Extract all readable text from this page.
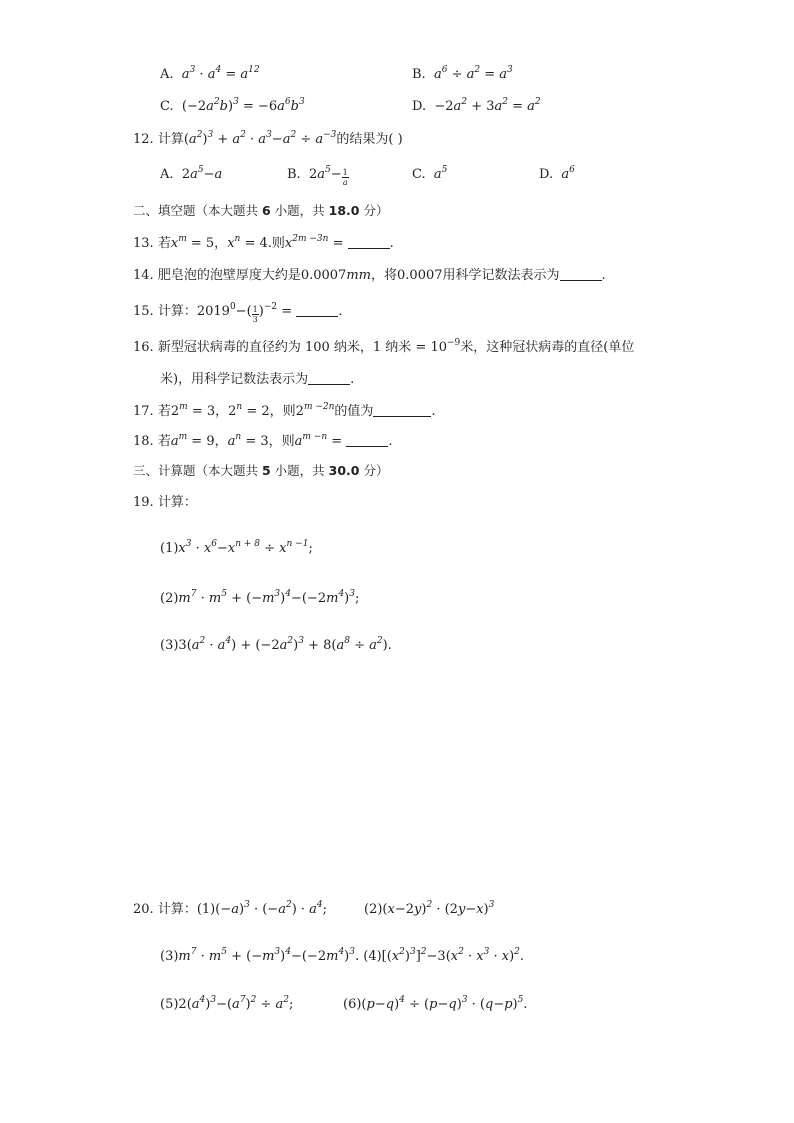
A.  $a^3 \cdot a^4 = a^{12}$	B.  $a^6 \div a^2 = a^3$
C. $(-2a^2b)^3 = -6a^6b^3$	D. $-2a^2 + 3a^2 = a^2$
12. 计算$(a^2)^3 + a^2 \cdot a^3-a^2 \div a^{-3}$的结果为( )
A. $2a^5-a$	B. $2a^5- \frac{1}{a}$	C.  $a^5$	D.  $a^6$
二、填空题（本大题共 6 小题，共 18.0 分）
13. 若$x^m = 5$，$x^n = 4$.则$x^{2m -3n}$ =	.
14. 肥皂泡的泡壁厚度大约是0.0007mm，将0.0007用科学记数法表示为	.
15. 计算：$2019^0-( \frac{1}{3} )^{-2}$ =	.
16. 新型冠状病毒的直径约为 100 纳米，1 纳米 = $10^{-9}$米，这种冠状病毒的直径(单位
米)，用科学记数法表示为	.
17. 若$2^m = 3$，$2^n = 2$，则$2^{m -2n}$的值为	.
18. 若$a^m = 9$，$a^n = 3$，则$a^{m -n}$ =	.
三、计算题（本大题共 5 小题，共 30.0 分）
19. 计算：
$(1)x^3 \cdot x^6-x^{n + 8} \div x^{n -1}$;
$(2)m^7 \cdot m^5 + (-m^3)^4-(-2m^4)^3$;
$(3)3(a^2 \cdot a^4) + (-2a^2)^3 + 8(a^8 \div a^2)$.
20. 计算：$(1)(-a)^3 \cdot (-a^2) \cdot a^4$;	$(2)(x-2y)^2 \cdot (2y-x)^3$
$(3)m^7 \cdot m^5 + (-m^3)^4-(-2m^4)^3$. $(4)[(x^2)^3]^2-3(x^2 \cdot x^3 \cdot x)^2$.
$(5)2(a^4)^3-(a^7)^2 \div a^2$;	$(6)(p-q)^4 \div (p-q)^3 \cdot (q-p)^5$.
